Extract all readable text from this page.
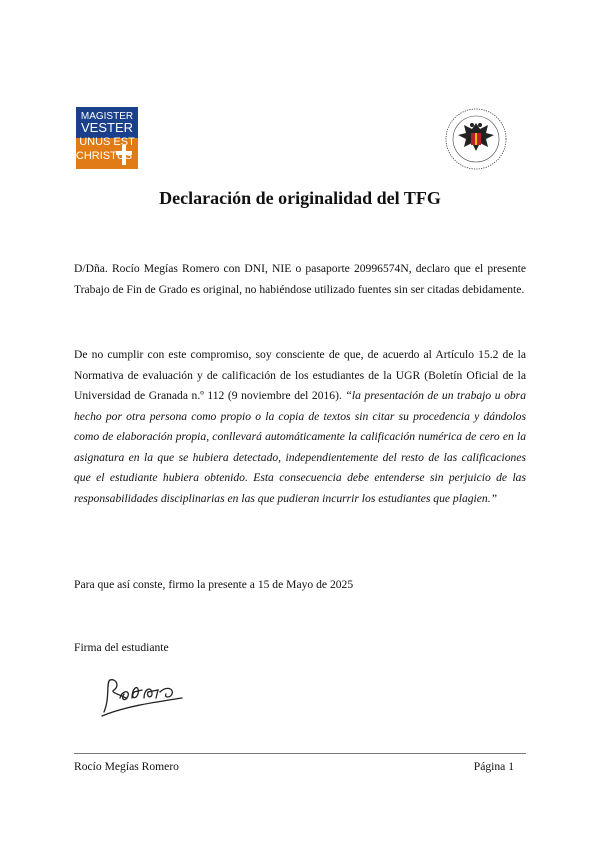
MAGISTER
VESTER
UNUS EST
CHRISTUS
Declaración de originalidad del TFG

D/Dña. Rocío Megías Romero con DNI, NIE o pasaporte 20996574N, declaro que el presente Trabajo de Fin de Grado es original, no habiéndose utilizado fuentes sin ser citadas debidamente.

De no cumplir con este compromiso, soy consciente de que, de acuerdo al Artículo 15.2 de la Normativa de evaluación y de calificación de los estudiantes de la UGR (Boletín Oficial de la Universidad de Granada n.º 112 (9 noviembre del 2016). “la presentación de un trabajo u obra hecho por otra persona como propio o la copia de textos sin citar su procedencia y dándolos como de elaboración propia, conllevará automáticamente la calificación numérica de cero en la asignatura en la que se hubiera detectado, independientemente del resto de las calificaciones que el estudiante hubiera obtenido. Esta consecuencia debe entenderse sin perjuicio de las responsabilidades disciplinarias en las que pudieran incurrir los estudiantes que plagien.”

Para que así conste, firmo la presente a 15 de Mayo de 2025

Firma del estudiante

Rocío Megías Romero	Página 1
